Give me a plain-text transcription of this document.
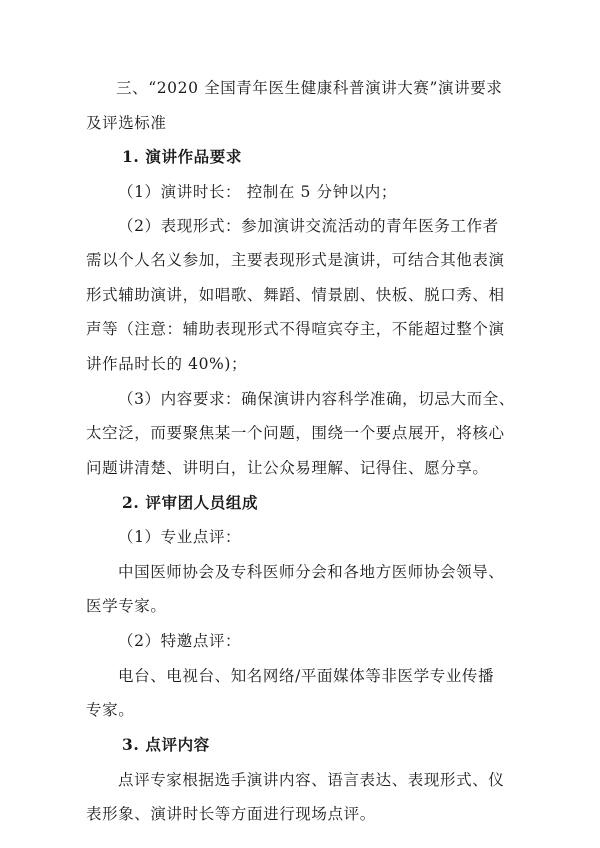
三、“2020 全国青年医生健康科普演讲大赛”演讲要求
及评选标准
1. 演讲作品要求
（1）演讲时长： 控制在 5 分钟以内；
（2）表现形式：参加演讲交流活动的青年医务工作者
需以个人名义参加，主要表现形式是演讲，可结合其他表演
形式辅助演讲，如唱歌、舞蹈、情景剧、快板、脱口秀、相
声等（注意：辅助表现形式不得喧宾夺主，不能超过整个演
讲作品时长的 40%)；
（3）内容要求：确保演讲内容科学准确，切忌大而全、
太空泛，而要聚焦某一个问题，围绕一个要点展开，将核心
问题讲清楚、讲明白，让公众易理解、记得住、愿分享。
2. 评审团人员组成
（1）专业点评：
中国医师协会及专科医师分会和各地方医师协会领导、
医学专家。
（2）特邀点评：
电台、电视台、知名网络/平面媒体等非医学专业传播
专家。
3. 点评内容
点评专家根据选手演讲内容、语言表达、表现形式、仪
表形象、演讲时长等方面进行现场点评。
